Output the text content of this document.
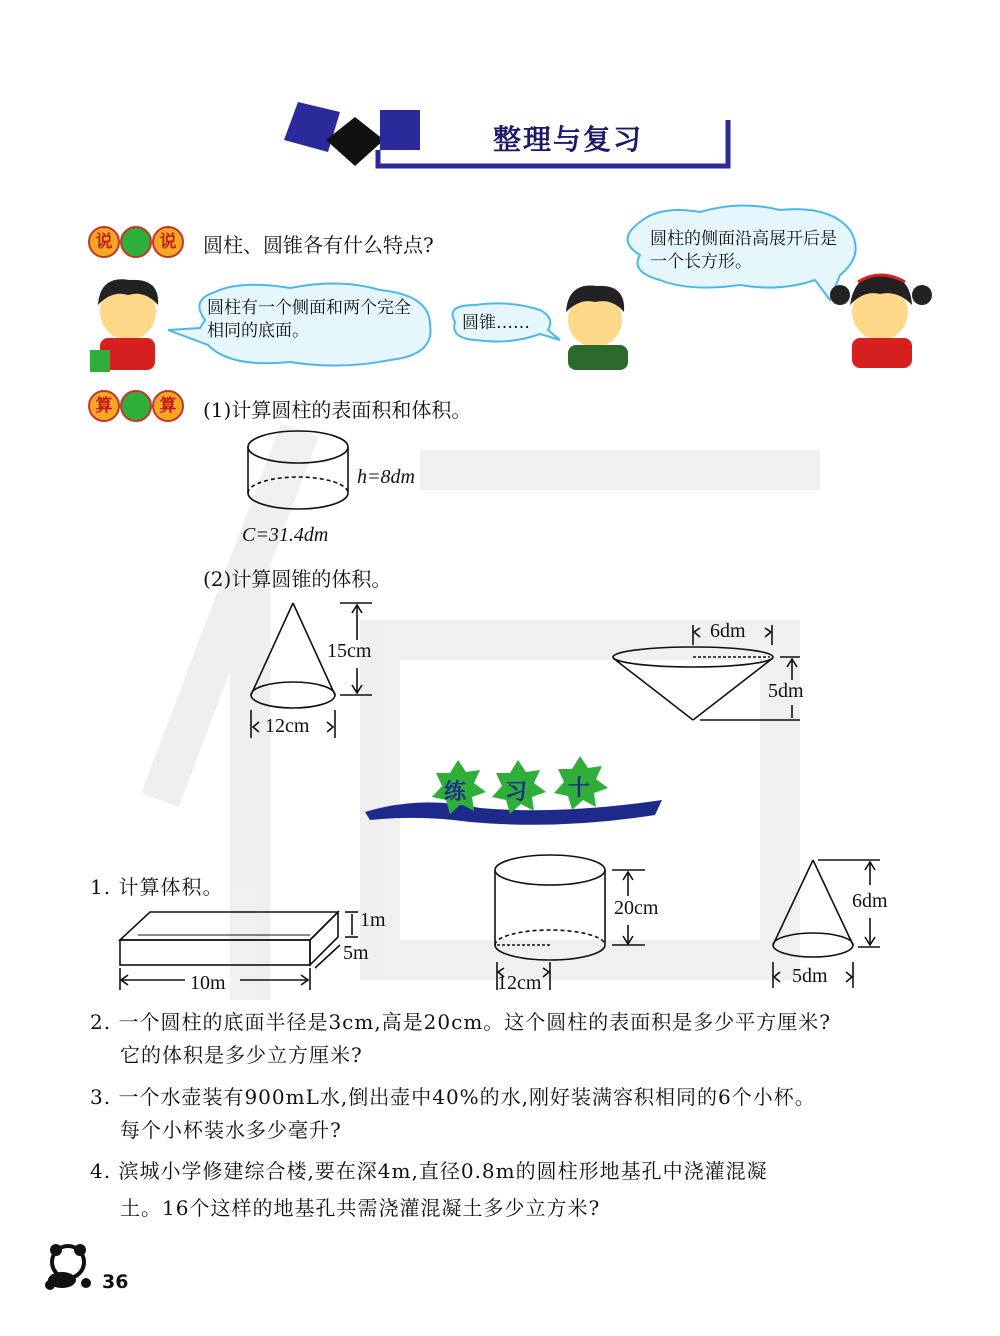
整理与复习
说 一 说	圆柱、圆锥各有什么特点?
圆柱有一个侧面和两个完全相同的底面。	圆锥……
圆柱的侧面沿高展开后是一个长方形。
算 一 算	(1)计算圆柱的表面积和体积。
h=8dm
C=31.4dm
(2)计算圆锥的体积。
15cm
12cm
6dm
5dm
练 习 十
1. 计算体积。
1m
5m
10m
20cm
12cm
6dm
5dm
2. 一个圆柱的底面半径是3cm,高是20cm。这个圆柱的表面积是多少平方厘米?
它的体积是多少立方厘米?
3. 一个水壶装有900mL水,倒出壶中40%的水,刚好装满容积相同的6个小杯。
每个小杯装水多少毫升?
4. 滨城小学修建综合楼,要在深4m,直径0.8m的圆柱形地基孔中浇灌混凝
土。16个这样的地基孔共需浇灌混凝土多少立方米?
36
